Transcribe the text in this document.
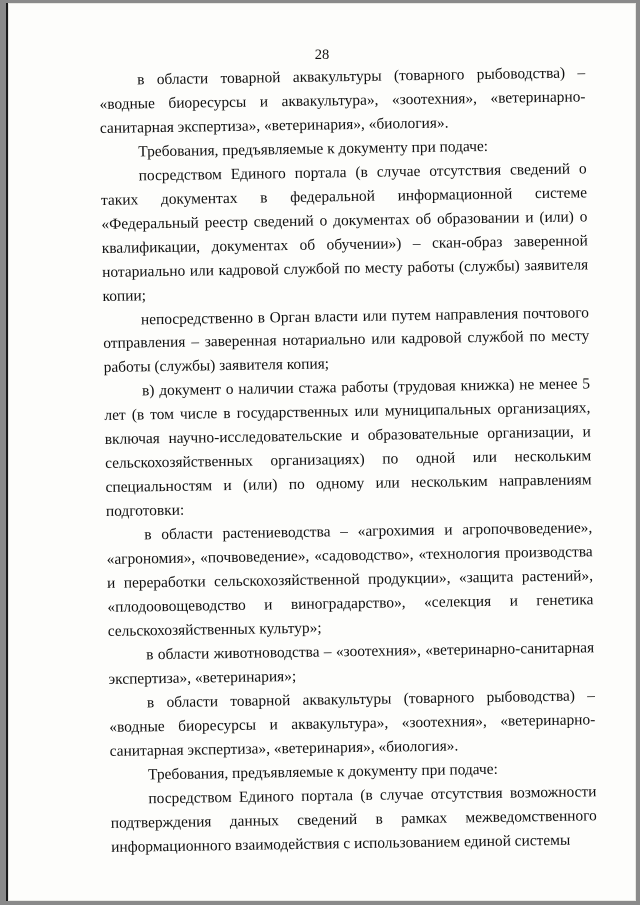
28

в области товарной аквакультуры (товарного рыбоводства) – «водные биоресурсы и аквакультура», «зоотехния», «ветеринарно-санитарная экспертиза», «ветеринария», «биология».

Требования, предъявляемые к документу при подаче:

посредством Единого портала (в случае отсутствия сведений о таких документах в федеральной информационной системе «Федеральный реестр сведений о документах об образовании и (или) о квалификации, документах об обучении») – скан-образ заверенной нотариально или кадровой службой по месту работы (службы) заявителя копии;

непосредственно в Орган власти или путем направления почтового отправления – заверенная нотариально или кадровой службой по месту работы (службы) заявителя копия;

в) документ о наличии стажа работы (трудовая книжка) не менее 5 лет (в том числе в государственных или муниципальных организациях, включая научно-исследовательские и образовательные организации, и сельскохозяйственных организациях) по одной или нескольким специальностям и (или) по одному или нескольким направлениям подготовки:

в области растениеводства – «агрохимия и агропочвоведение», «агрономия», «почвоведение», «садоводство», «технология производства и переработки сельскохозяйственной продукции», «защита растений», «плодоовощеводство и виноградарство», «селекция и генетика сельскохозяйственных культур»;

в области животноводства – «зоотехния», «ветеринарно-санитарная экспертиза», «ветеринария»;

в области товарной аквакультуры (товарного рыбоводства) – «водные биоресурсы и аквакультура», «зоотехния», «ветеринарно-санитарная экспертиза», «ветеринария», «биология».

Требования, предъявляемые к документу при подаче:

посредством Единого портала (в случае отсутствия возможности подтверждения данных сведений в рамках межведомственного информационного взаимодействия с использованием единой системы
